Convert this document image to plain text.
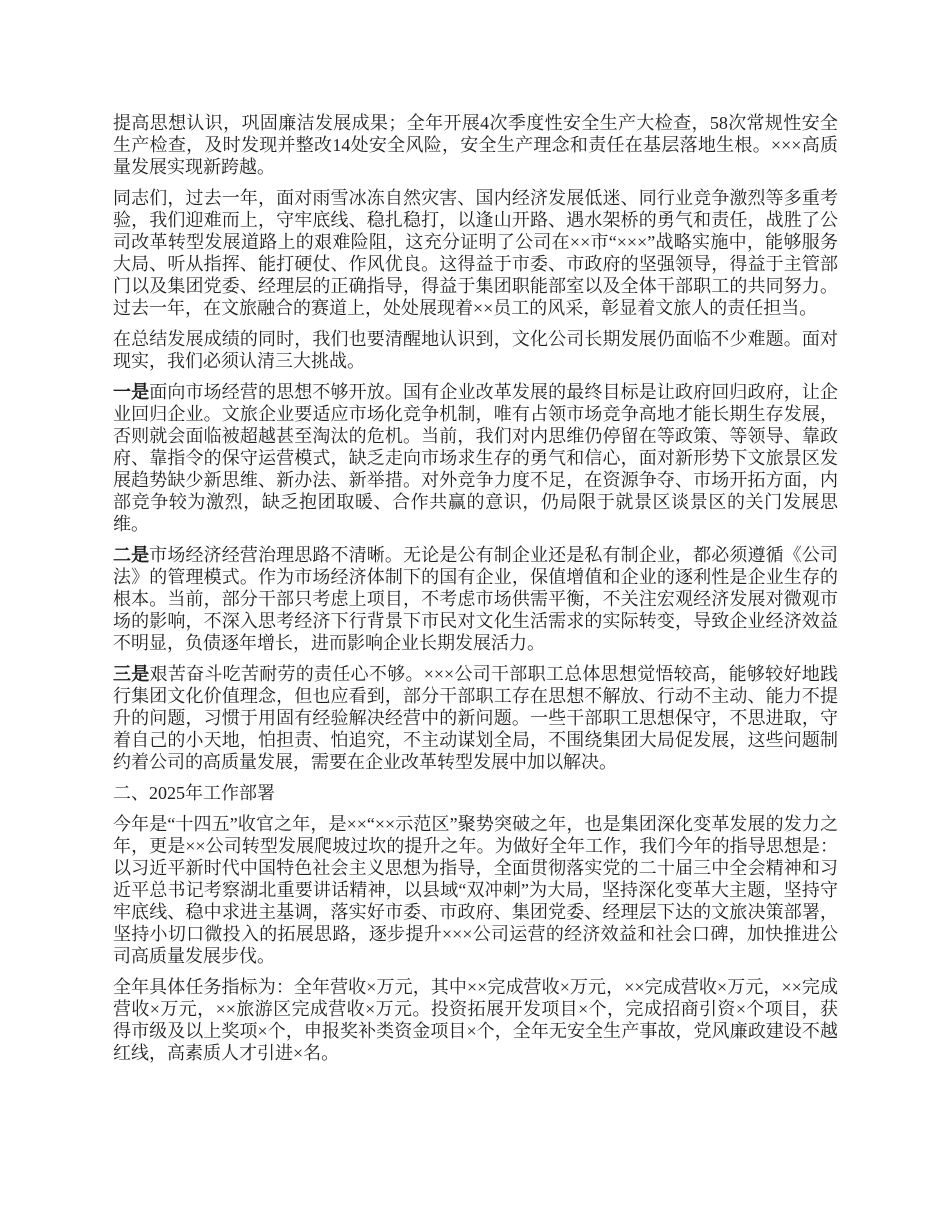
提高思想认识，巩固廉洁发展成果；全年开展4次季度性安全生产大检查，58次常规性安全生产检查，及时发现并整改14处安全风险，安全生产理念和责任在基层落地生根。×××高质量发展实现新跨越。

同志们，过去一年，面对雨雪冰冻自然灾害、国内经济发展低迷、同行业竞争激烈等多重考验，我们迎难而上，守牢底线、稳扎稳打，以逢山开路、遇水架桥的勇气和责任，战胜了公司改革转型发展道路上的艰难险阻，这充分证明了公司在××市“×××”战略实施中，能够服务大局、听从指挥、能打硬仗、作风优良。这得益于市委、市政府的坚强领导，得益于主管部门以及集团党委、经理层的正确指导，得益于集团职能部室以及全体干部职工的共同努力。过去一年，在文旅融合的赛道上，处处展现着××员工的风采，彰显着文旅人的责任担当。

在总结发展成绩的同时，我们也要清醒地认识到，文化公司长期发展仍面临不少难题。面对现实，我们必须认清三大挑战。

一是面向市场经营的思想不够开放。国有企业改革发展的最终目标是让政府回归政府，让企业回归企业。文旅企业要适应市场化竞争机制，唯有占领市场竞争高地才能长期生存发展，否则就会面临被超越甚至淘汰的危机。当前，我们对内思维仍停留在等政策、等领导、靠政府、靠指令的保守运营模式，缺乏走向市场求生存的勇气和信心，面对新形势下文旅景区发展趋势缺少新思维、新办法、新举措。对外竞争力度不足，在资源争夺、市场开拓方面，内部竞争较为激烈，缺乏抱团取暖、合作共赢的意识，仍局限于就景区谈景区的关门发展思维。

二是市场经济经营治理思路不清晰。无论是公有制企业还是私有制企业，都必须遵循《公司法》的管理模式。作为市场经济体制下的国有企业，保值增值和企业的逐利性是企业生存的根本。当前，部分干部只考虑上项目，不考虑市场供需平衡，不关注宏观经济发展对微观市场的影响，不深入思考经济下行背景下市民对文化生活需求的实际转变，导致企业经济效益不明显，负债逐年增长，进而影响企业长期发展活力。

三是艰苦奋斗吃苦耐劳的责任心不够。×××公司干部职工总体思想觉悟较高，能够较好地践行集团文化价值理念，但也应看到，部分干部职工存在思想不解放、行动不主动、能力不提升的问题，习惯于用固有经验解决经营中的新问题。一些干部职工思想保守，不思进取，守着自己的小天地，怕担责、怕追究，不主动谋划全局，不围绕集团大局促发展，这些问题制约着公司的高质量发展，需要在企业改革转型发展中加以解决。

二、2025年工作部署

今年是“十四五”收官之年，是××“××示范区”聚势突破之年，也是集团深化变革发展的发力之年，更是××公司转型发展爬坡过坎的提升之年。为做好全年工作，我们今年的指导思想是：以习近平新时代中国特色社会主义思想为指导，全面贯彻落实党的二十届三中全会精神和习近平总书记考察湖北重要讲话精神，以县域“双冲刺”为大局，坚持深化变革大主题，坚持守牢底线、稳中求进主基调，落实好市委、市政府、集团党委、经理层下达的文旅决策部署，坚持小切口微投入的拓展思路，逐步提升×××公司运营的经济效益和社会口碑，加快推进公司高质量发展步伐。

全年具体任务指标为：全年营收×万元，其中××完成营收×万元，××完成营收×万元，××完成营收×万元，××旅游区完成营收×万元。投资拓展开发项目×个，完成招商引资×个项目，获得市级及以上奖项×个，申报奖补类资金项目×个，全年无安全生产事故，党风廉政建设不越红线，高素质人才引进×名。
